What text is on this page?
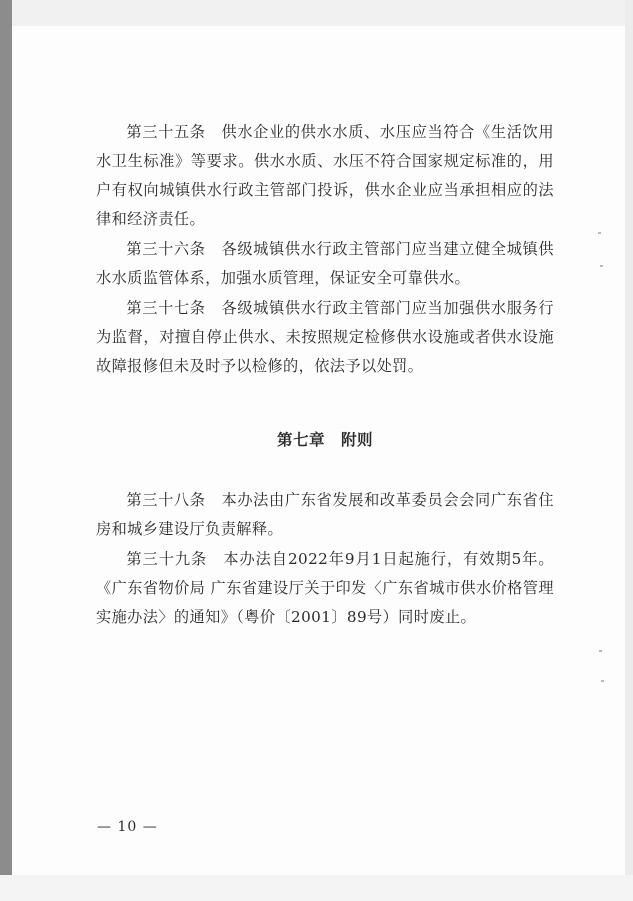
第三十五条　供水企业的供水水质、水压应当符合《生活饮用水卫生标准》等要求。供水水质、水压不符合国家规定标准的，用户有权向城镇供水行政主管部门投诉，供水企业应当承担相应的法律和经济责任。

第三十六条　各级城镇供水行政主管部门应当建立健全城镇供水水质监管体系，加强水质管理，保证安全可靠供水。

第三十七条　各级城镇供水行政主管部门应当加强供水服务行为监督，对擅自停止供水、未按照规定检修供水设施或者供水设施故障报修但未及时予以检修的，依法予以处罚。

第七章　附则

第三十八条　本办法由广东省发展和改革委员会会同广东省住房和城乡建设厅负责解释。

第三十九条　本办法自2022年9月1日起施行，有效期5年。《广东省物价局 广东省建设厅关于印发〈广东省城市供水价格管理实施办法〉的通知》（粤价〔2001〕89号）同时废止。

— 10 —
